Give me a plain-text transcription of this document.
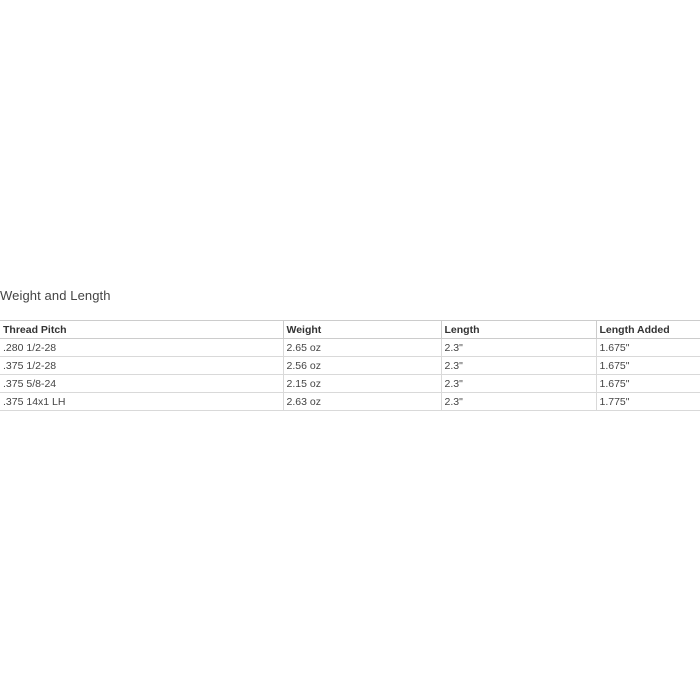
Weight and Length
Thread Pitch	Weight	Length	Length Added
.280 1/2-28	2.65 oz	2.3"	1.675"
.375 1/2-28	2.56 oz	2.3"	1.675"
.375 5/8-24	2.15 oz	2.3"	1.675"
.375 14x1 LH	2.63 oz	2.3"	1.775"
